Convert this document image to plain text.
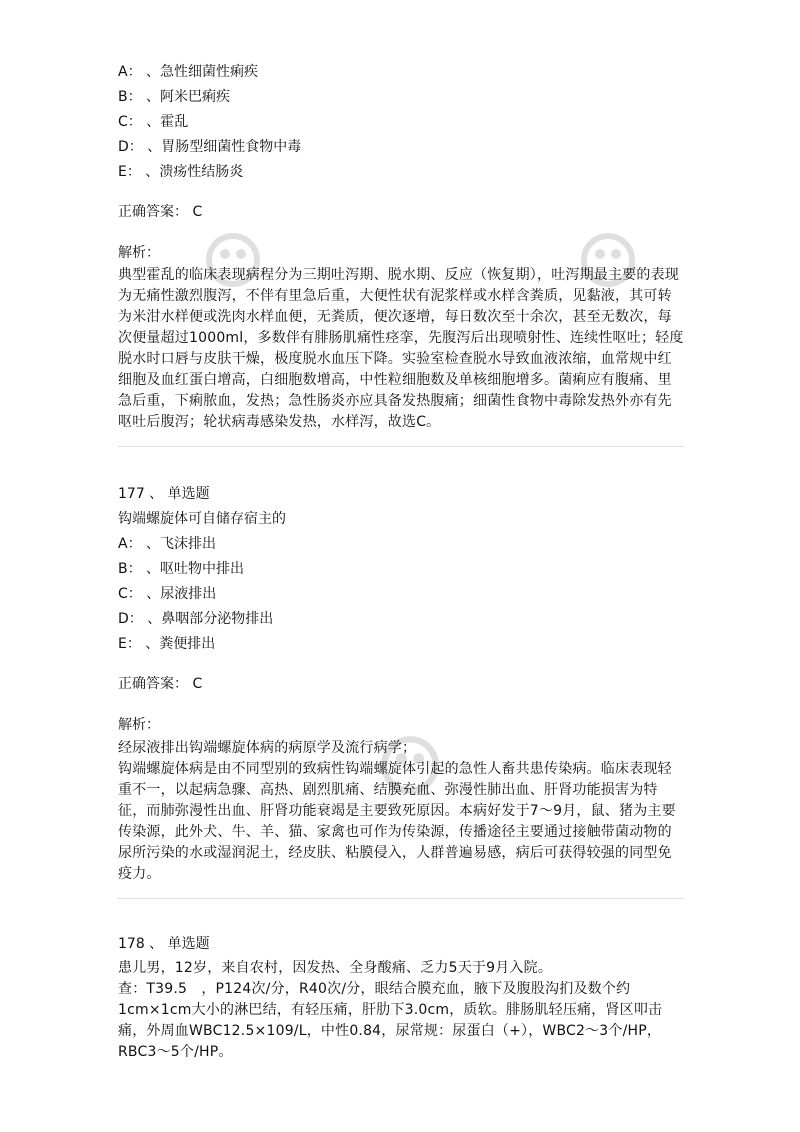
A： 、急性细菌性痢疾
B： 、阿米巴痢疾
C： 、霍乱
D： 、胃肠型细菌性食物中毒
E： 、溃疡性结肠炎
正确答案： C
解析：

典型霍乱的临床表现病程分为三期吐泻期、脱水期、反应（恢复期），吐泻期最主要的表现为无痛性激烈腹泻，不伴有里急后重，大便性状有泥浆样或水样含粪质，见黏液，其可转为米泔水样便或洗肉水样血便，无粪质，便次逐增，每日数次至十余次，甚至无数次，每次便量超过1000ml，多数伴有腓肠肌痛性痉挛，先腹泻后出现喷射性、连续性呕吐；轻度脱水时口唇与皮肤干燥，极度脱水血压下降。实验室检查脱水导致血液浓缩，血常规中红细胞及血红蛋白增高，白细胞数增高，中性粒细胞数及单核细胞增多。菌痢应有腹痛、里急后重，下痢脓血，发热；急性肠炎亦应具备发热腹痛；细菌性食物中毒除发热外亦有先呕吐后腹泻；轮状病毒感染发热，水样泻，故选C。

177 、 单选题
钩端螺旋体可自储存宿主的
A： 、飞沫排出
B： 、呕吐物中排出
C： 、尿液排出
D： 、鼻咽部分泌物排出
E： 、粪便排出
正确答案： C
解析：

经尿液排出钩端螺旋体病的病原学及流行病学；

钩端螺旋体病是由不同型别的致病性钩端螺旋体引起的急性人畜共患传染病。临床表现轻重不一，以起病急骤、高热、剧烈肌痛、结膜充血、弥漫性肺出血、肝肾功能损害为特征，而肺弥漫性出血、肝肾功能衰竭是主要致死原因。本病好发于7～9月，鼠、猪为主要传染源，此外犬、牛、羊、猫、家禽也可作为传染源，传播途径主要通过接触带菌动物的尿所污染的水或湿润泥土，经皮肤、粘膜侵入，人群普遍易感，病后可获得较强的同型免疫力。

178 、 单选题

患儿男，12岁，来自农村，因发热、全身酸痛、乏力5天于9月入院。

查：T39.5　，P124次/分，R40次/分，眼结合膜充血，腋下及腹股沟扪及数个约1cm×1cm大小的淋巴结，有轻压痛，肝肋下3.0cm，质软。腓肠肌轻压痛，肾区叩击痛，外周血WBC12.5×109/L，中性0.84，尿常规：尿蛋白（+），WBC2～3个/HP，RBC3～5个/HP。
